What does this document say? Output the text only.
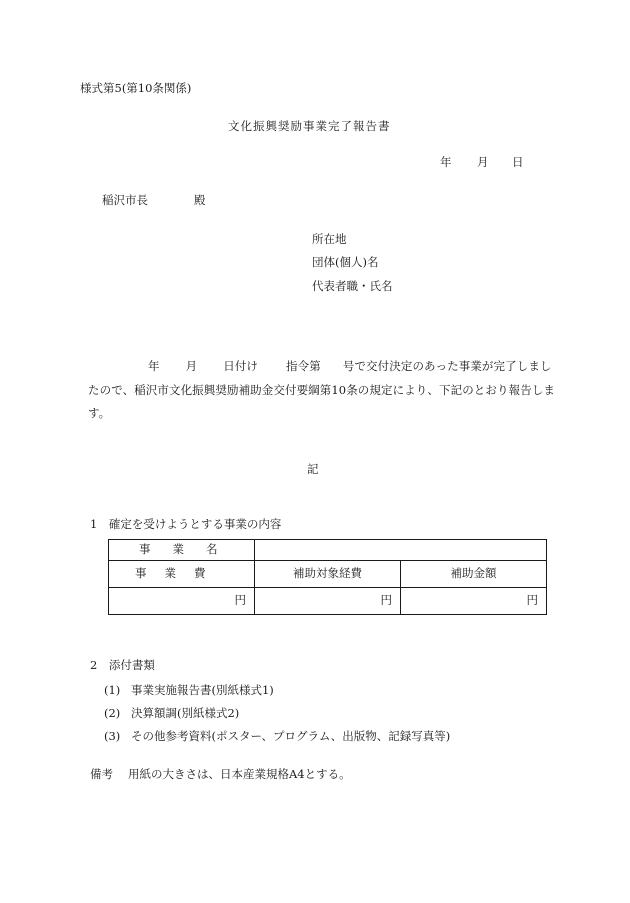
様式第5(第10条関係)
文化振興奨励事業完了報告書
年 月 日
稲沢市長	殿
所在地
団体(個人)名
代表者職・氏名
年 月 日付け 指令第 号で交付決定のあった事業が完了しましたので、稲沢市文化振興奨励補助金交付要綱第10条の規定により、下記のとおり報告します。
記
1　確定を受けようとする事業の内容
事業名		
事業費	補助対象経費	補助金額
円	円	円
2　添付書類
(1) 事業実施報告書(別紙様式1)
(2) 決算額調(別紙様式2)
(3) その他参考資料(ポスター、プログラム、出版物、記録写真等)
備考 用紙の大きさは、日本産業規格A4とする。
